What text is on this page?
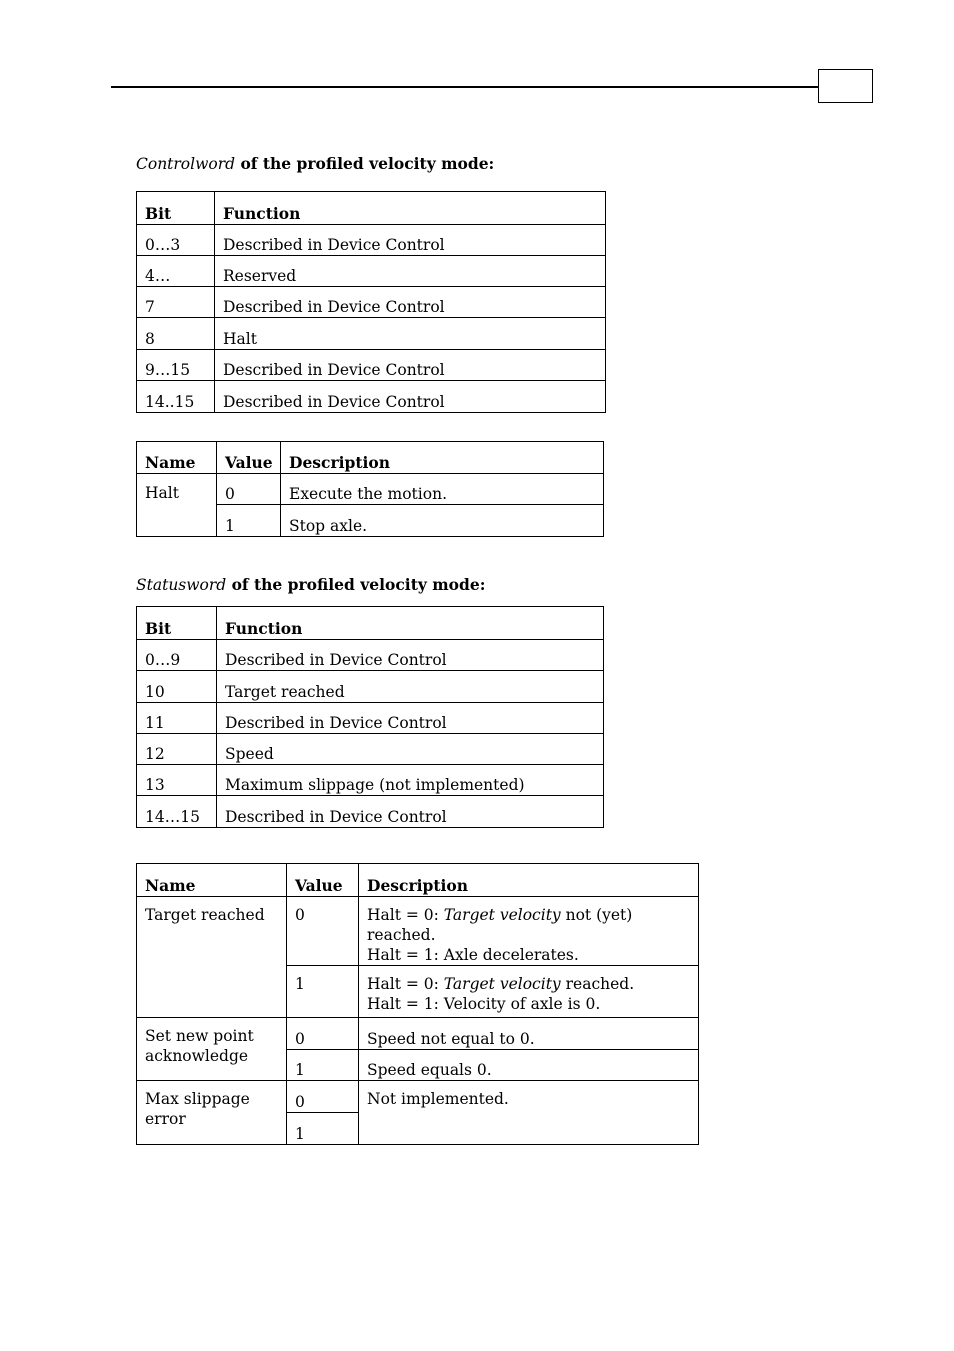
Controlword of the profiled velocity mode:
Bit	Function
0…3	Described in Device Control
4…	Reserved
7	Described in Device Control
8	Halt
9…15	Described in Device Control
14..15	Described in Device Control
Name	Value	Description
Halt	0	Execute the motion.
	1	Stop axle.
Statusword of the profiled velocity mode:
Bit	Function
0…9	Described in Device Control
10	Target reached
11	Described in Device Control
12	Speed
13	Maximum slippage (not implemented)
14…15	Described in Device Control
Name	Value	Description
Target reached	0	Halt = 0: Target velocity not (yet) reached.
Halt = 1: Axle decelerates.

	1	Halt = 0: Target velocity reached.
Halt = 1: Velocity of axle is 0.

Set new point
acknowledge	0	Speed not equal to 0.
	1	Speed equals 0.

Max slippage
error	0	Not implemented.
	1	
